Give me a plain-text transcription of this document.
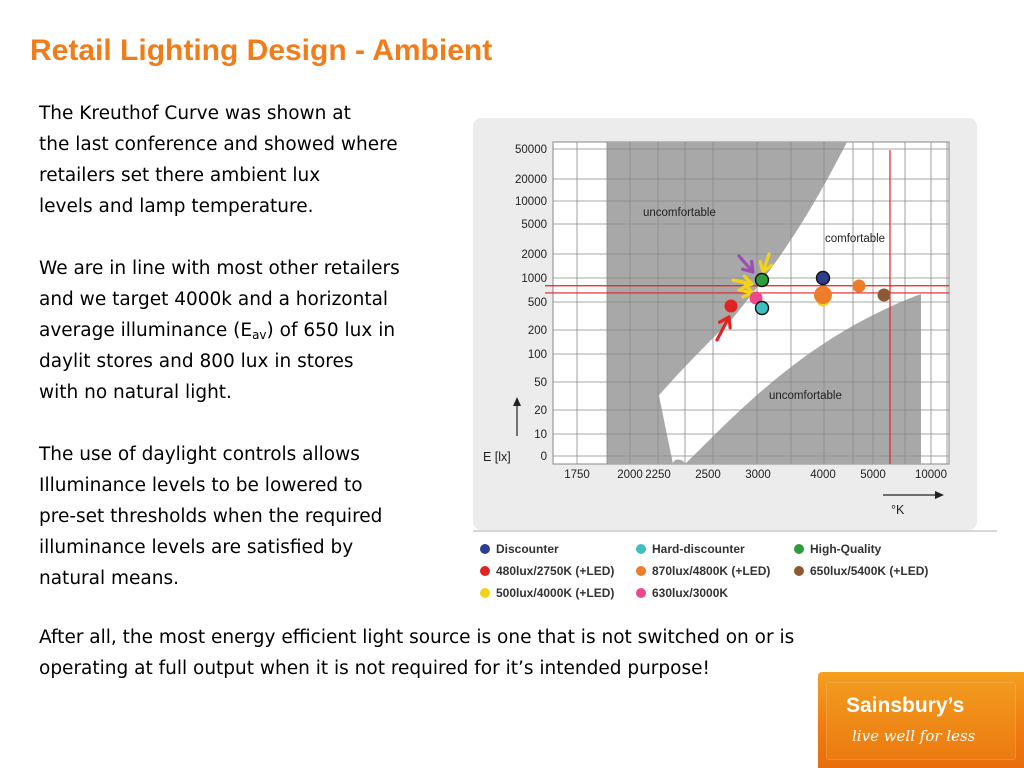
Retail Lighting Design - Ambient

The Kreuthof Curve was shown at
the last conference and showed where
retailers set there ambient lux
levels and lamp temperature.

We are in line with most other retailers
and we target 4000k and a horizontal
average illuminance $(E_{av})$ of 650 lux in
daylit stores and 800 lux in stores
with no natural light.

The use of daylight controls allows
Illuminance levels to be lowered to
pre-set thresholds when the required
illuminance levels are satisfied by
natural means.

After all, the most energy efficient light source is one that is not switched on or is
operating at full output when it is not required for it’s intended purpose!
uncomfortable
comfortable
uncomfortable
0
10
20
50
100
200
500
1000
2000
5000
10000
20000
50000
1750 2000 2250 2500 3000	4000 5000	10000
E [lx]
°K
Discounter	Hard-discounter	High-Quality
480lux/2750K (+LED)	870lux/4800K (+LED)	650lux/5400K (+LED)
500lux/4000K (+LED)	630lux/3000K
Sainsbury’s
live well for less
